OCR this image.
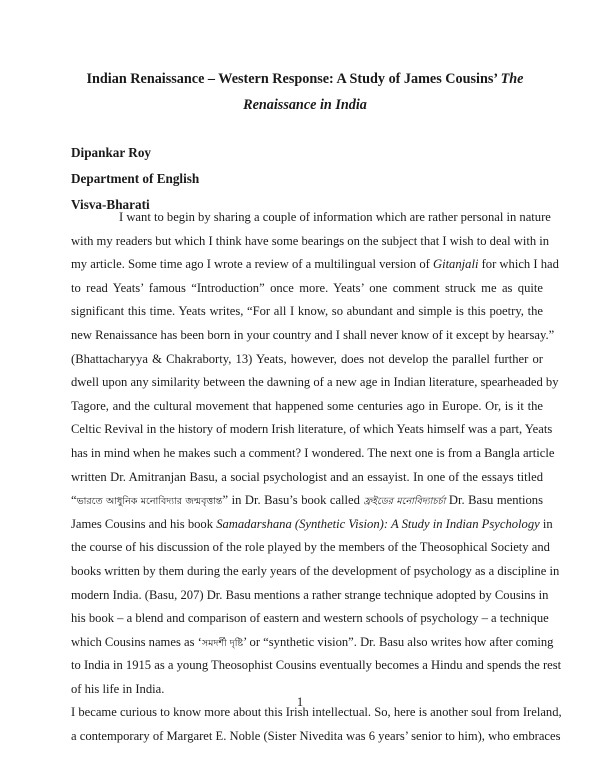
Indian Renaissance – Western Response: A Study of James Cousins’ The
Renaissance in India
Dipankar Roy
Department of English
Visva-Bharati
I want to begin by sharing a couple of information which are rather personal in nature
with my readers but which I think have some bearings on the subject that I wish to deal with in
my article. Some time ago I wrote a review of a multilingual version of Gitanjali for which I had
to read Yeats’ famous “Introduction” once more. Yeats’ one comment struck me as quite
significant this time. Yeats writes, “For all I know, so abundant and simple is this poetry, the
new Renaissance has been born in your country and I shall never know of it except by hearsay.”
(Bhattacharyya & Chakraborty, 13) Yeats, however, does not develop the parallel further or
dwell upon any similarity between the dawning of a new age in Indian literature, spearheaded by
Tagore, and the cultural movement that happened some centuries ago in Europe. Or, is it the
Celtic Revival in the history of modern Irish literature, of which Yeats himself was a part, Yeats
has in mind when he makes such a comment? I wondered. The next one is from a Bangla article
written Dr. Amitranjan Basu, a social psychologist and an essayist. In one of the essays titled
“ভারতে আধুনিক মনোবিদ্যার জন্মবৃত্তান্ত” in Dr. Basu’s book called ফ্রইডের মনোবিদ্যাচর্চা Dr. Basu mentions
James Cousins and his book Samadarshana (Synthetic Vision): A Study in Indian Psychology in
the course of his discussion of the role played by the members of the Theosophical Society and
books written by them during the early years of the development of psychology as a discipline in
modern India. (Basu, 207) Dr. Basu mentions a rather strange technique adopted by Cousins in
his book – a blend and comparison of eastern and western schools of psychology – a technique
which Cousins names as ‘সমদর্শী দৃষ্টি’ or “synthetic vision”. Dr. Basu also writes how after coming
to India in 1915 as a young Theosophist Cousins eventually becomes a Hindu and spends the rest
of his life in India.
I became curious to know more about this Irish intellectual. So, here is another soul from Ireland,
a contemporary of Margaret E. Noble (Sister Nivedita was 6 years’ senior to him), who embraces
1
